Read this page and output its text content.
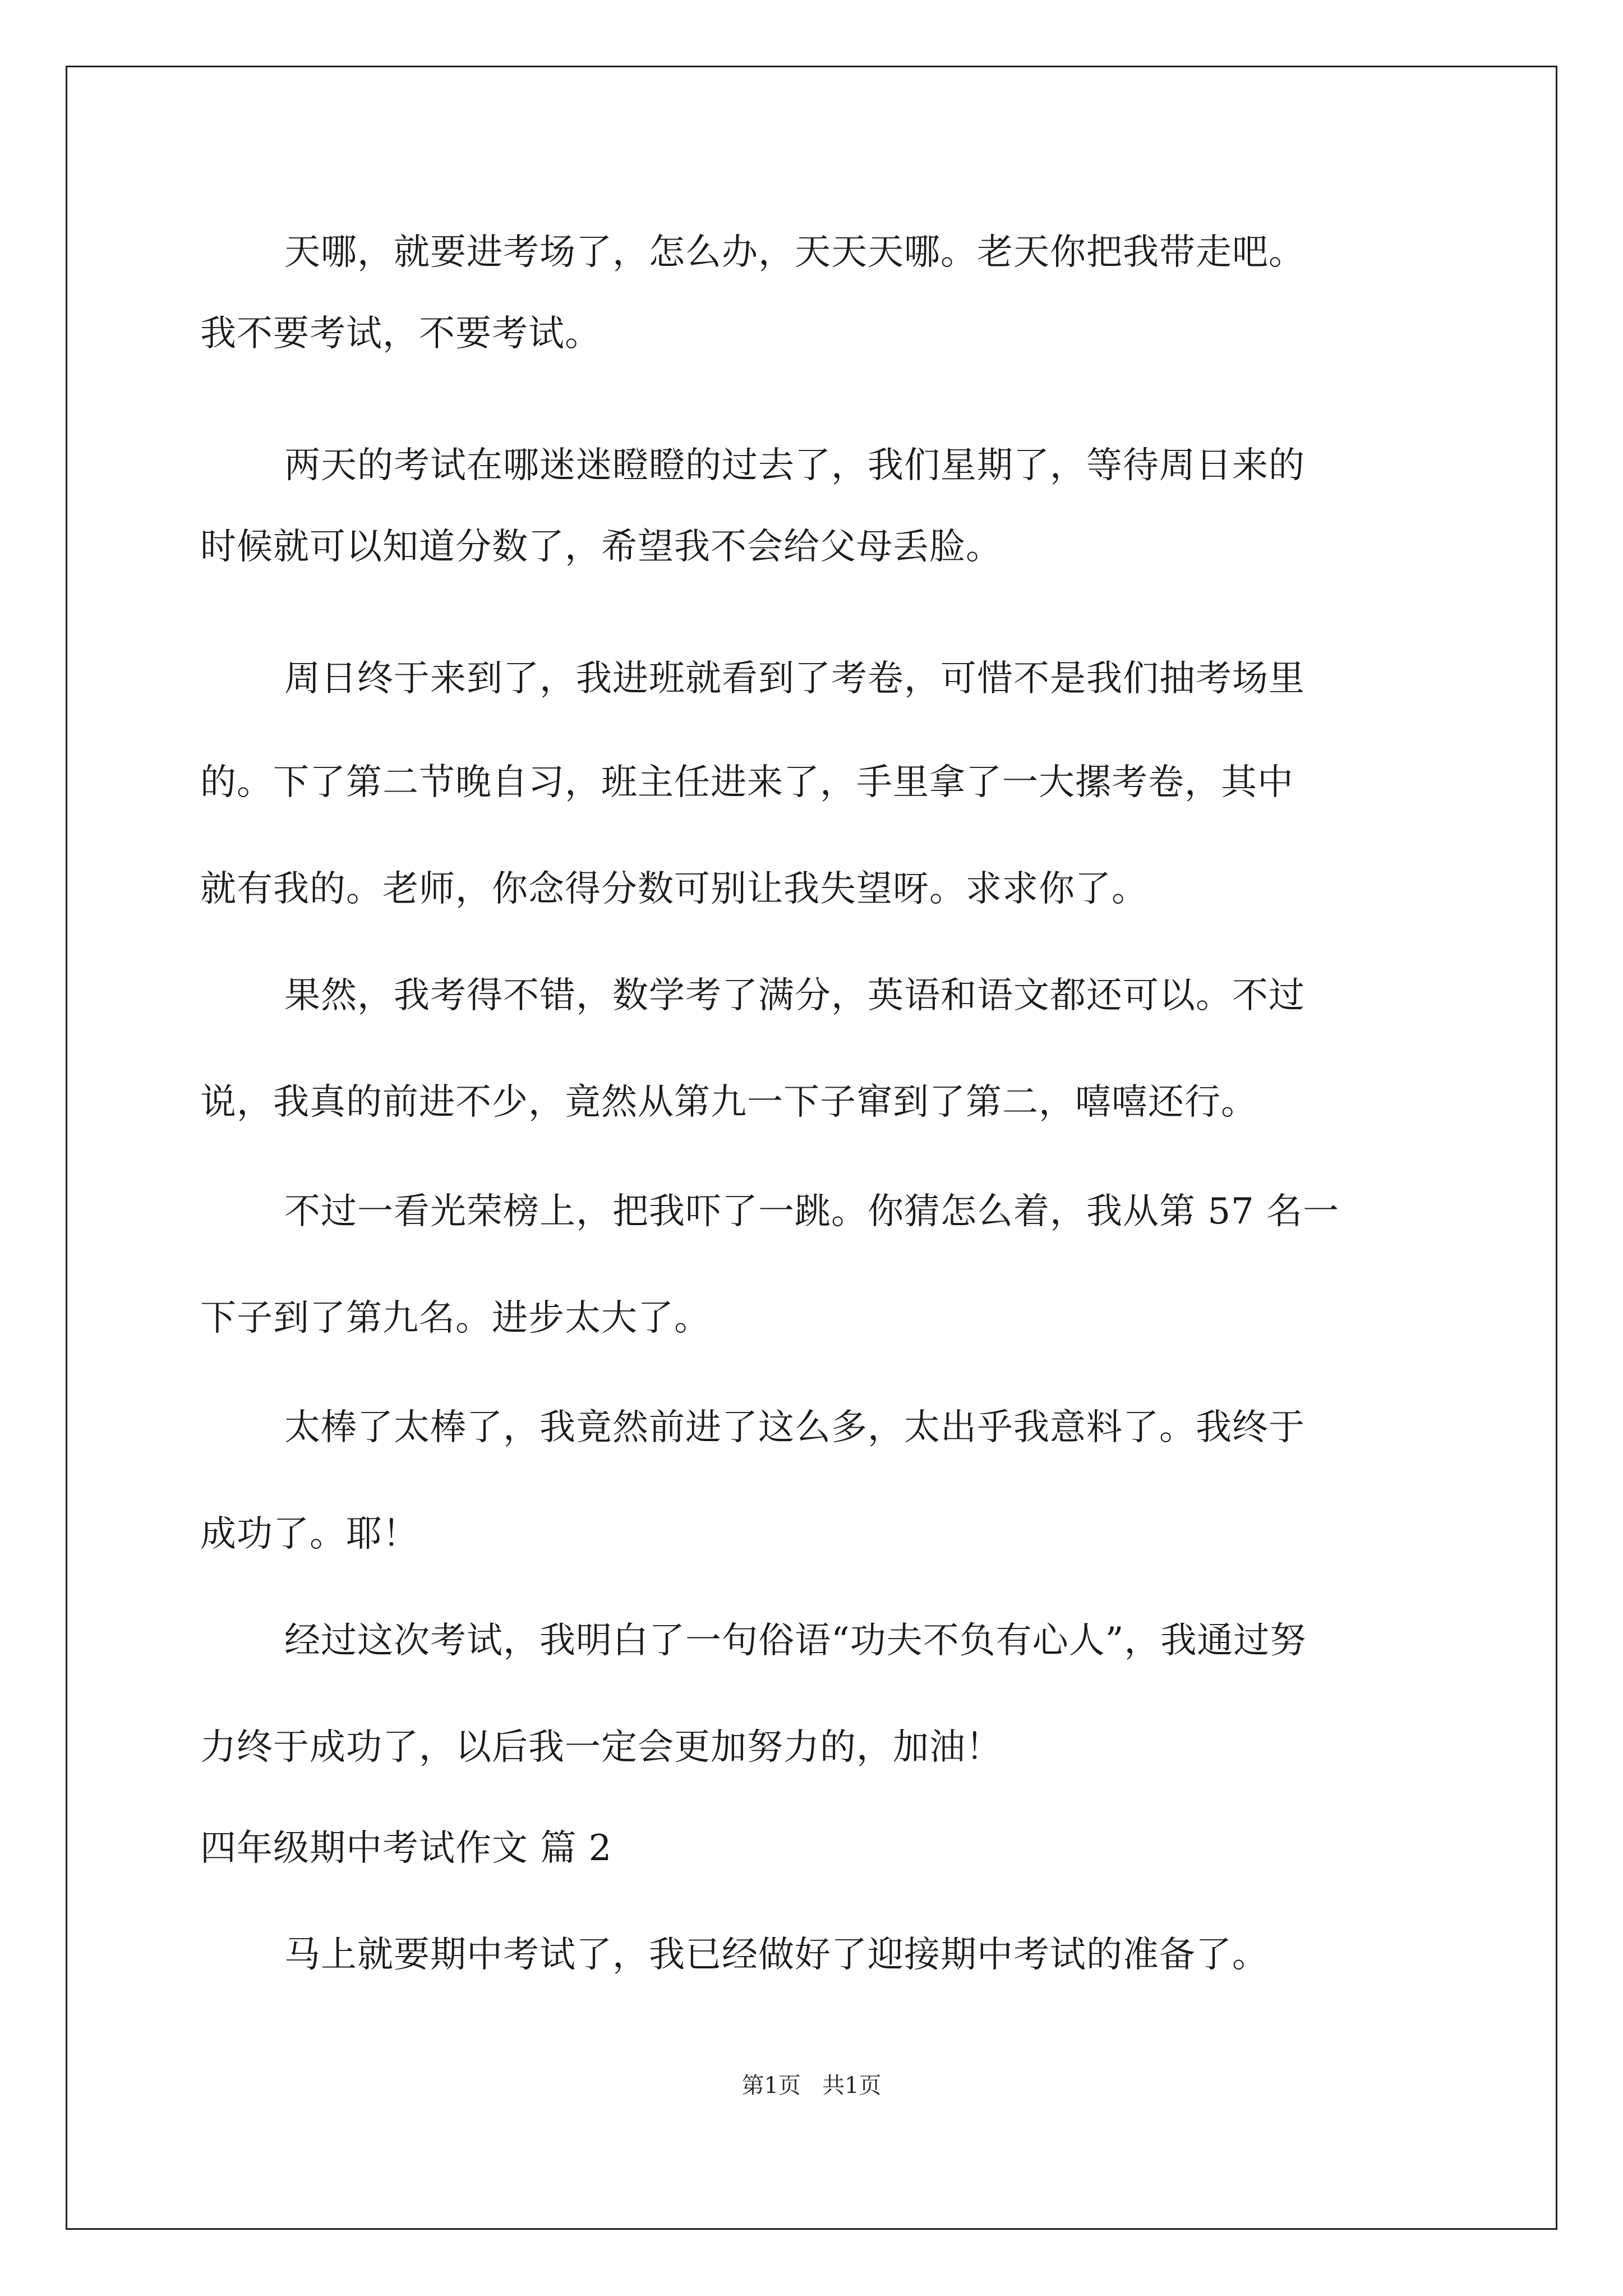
天哪，就要进考场了，怎么办，天天天哪。老天你把我带走吧。
我不要考试，不要考试。
两天的考试在哪迷迷瞪瞪的过去了，我们星期了，等待周日来的
时候就可以知道分数了，希望我不会给父母丢脸。
周日终于来到了，我进班就看到了考卷，可惜不是我们抽考场里
的。下了第二节晚自习，班主任进来了，手里拿了一大摞考卷，其中
就有我的。老师，你念得分数可别让我失望呀。求求你了。
果然，我考得不错，数学考了满分，英语和语文都还可以。不过
说，我真的前进不少，竟然从第九一下子窜到了第二，嘻嘻还行。
不过一看光荣榜上，把我吓了一跳。你猜怎么着，我从第 57 名一
下子到了第九名。进步太大了。
太棒了太棒了，我竟然前进了这么多，太出乎我意料了。我终于
成功了。耶！
经过这次考试，我明白了一句俗语“功夫不负有心人”，我通过努
力终于成功了，以后我一定会更加努力的，加油！
四年级期中考试作文 篇 2
马上就要期中考试了，我已经做好了迎接期中考试的准备了。
第1页   共1页
